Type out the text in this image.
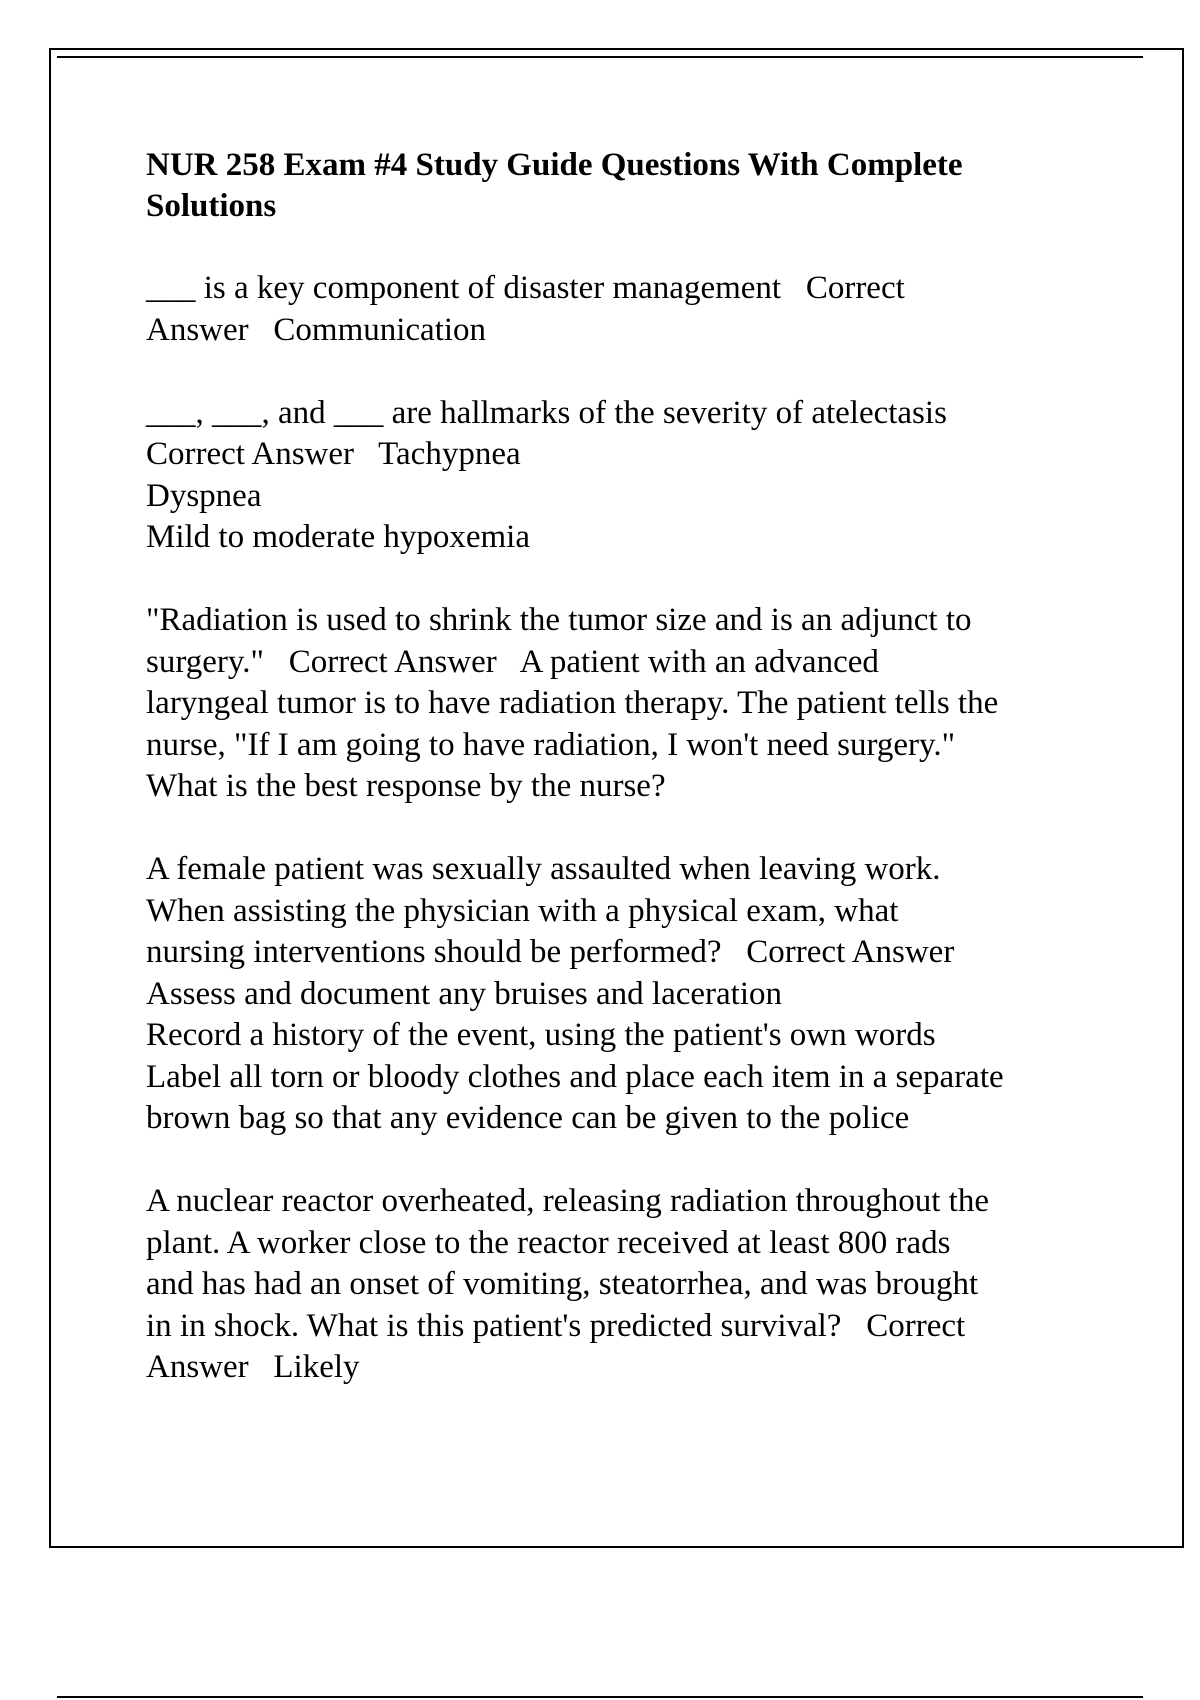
NUR 258 Exam #4 Study Guide Questions With Complete
Solutions
___ is a key component of disaster management   Correct
Answer   Communication
___, ___, and ___ are hallmarks of the severity of atelectasis
Correct Answer   Tachypnea
Dyspnea
Mild to moderate hypoxemia
"Radiation is used to shrink the tumor size and is an adjunct to
surgery."   Correct Answer   A patient with an advanced
laryngeal tumor is to have radiation therapy. The patient tells the
nurse, "If I am going to have radiation, I won't need surgery."
What is the best response by the nurse?
A female patient was sexually assaulted when leaving work.
When assisting the physician with a physical exam, what
nursing interventions should be performed?   Correct Answer
Assess and document any bruises and laceration
Record a history of the event, using the patient's own words
Label all torn or bloody clothes and place each item in a separate
brown bag so that any evidence can be given to the police
A nuclear reactor overheated, releasing radiation throughout the
plant. A worker close to the reactor received at least 800 rads
and has had an onset of vomiting, steatorrhea, and was brought
in in shock. What is this patient's predicted survival?   Correct
Answer   Likely
